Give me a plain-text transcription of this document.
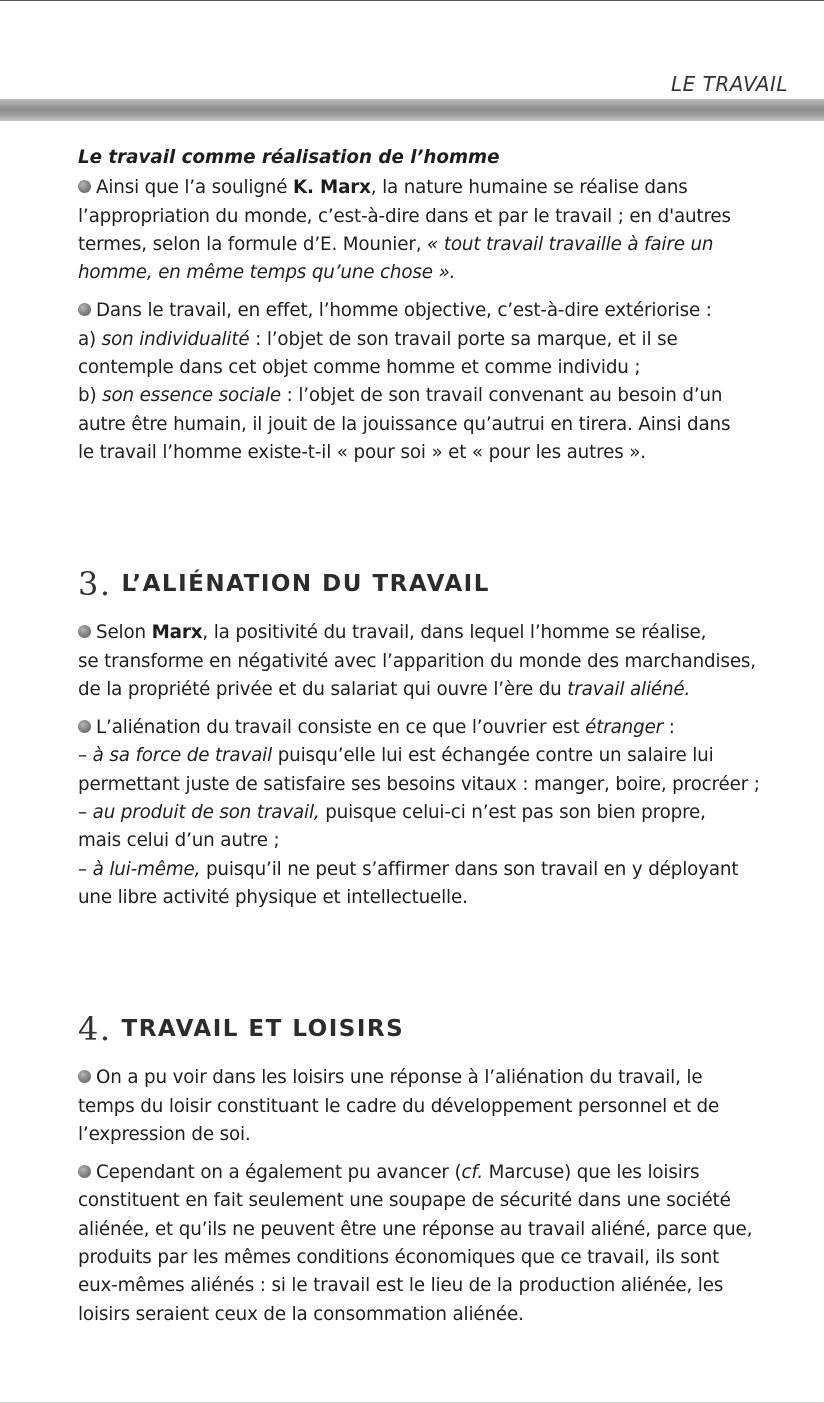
LE TRAVAIL

Le travail comme réalisation de l’homme

Ainsi que l’a souligné K. Marx, la nature humaine se réalise dans
l’appropriation du monde, c’est-à-dire dans et par le travail ; en d'autres
termes, selon la formule d’E. Mounier, « tout travail travaille à faire un
homme, en même temps qu’une chose ».

Dans le travail, en effet, l’homme objective, c’est-à-dire extériorise :
a) son individualité : l’objet de son travail porte sa marque, et il se
contemple dans cet objet comme homme et comme individu ;
b) son essence sociale : l’objet de son travail convenant au besoin d’un
autre être humain, il jouit de la jouissance qu’autrui en tirera. Ainsi dans
le travail l’homme existe-t-il « pour soi » et « pour les autres ».

3. L’ALIÉNATION DU TRAVAIL

Selon Marx, la positivité du travail, dans lequel l’homme se réalise,
se transforme en négativité avec l’apparition du monde des marchandises,
de la propriété privée et du salariat qui ouvre l’ère du travail aliéné.

L’aliénation du travail consiste en ce que l’ouvrier est étranger :
– à sa force de travail puisqu’elle lui est échangée contre un salaire lui
permettant juste de satisfaire ses besoins vitaux : manger, boire, procréer ;
– au produit de son travail, puisque celui-ci n’est pas son bien propre,
mais celui d’un autre ;
– à lui-même, puisqu’il ne peut s’affirmer dans son travail en y déployant
une libre activité physique et intellectuelle.

4. TRAVAIL ET LOISIRS

On a pu voir dans les loisirs une réponse à l’aliénation du travail, le
temps du loisir constituant le cadre du développement personnel et de
l’expression de soi.

Cependant on a également pu avancer (cf. Marcuse) que les loisirs
constituent en fait seulement une soupape de sécurité dans une société
aliénée, et qu’ils ne peuvent être une réponse au travail aliéné, parce que,
produits par les mêmes conditions économiques que ce travail, ils sont
eux-mêmes aliénés : si le travail est le lieu de la production aliénée, les
loisirs seraient ceux de la consommation aliénée.
